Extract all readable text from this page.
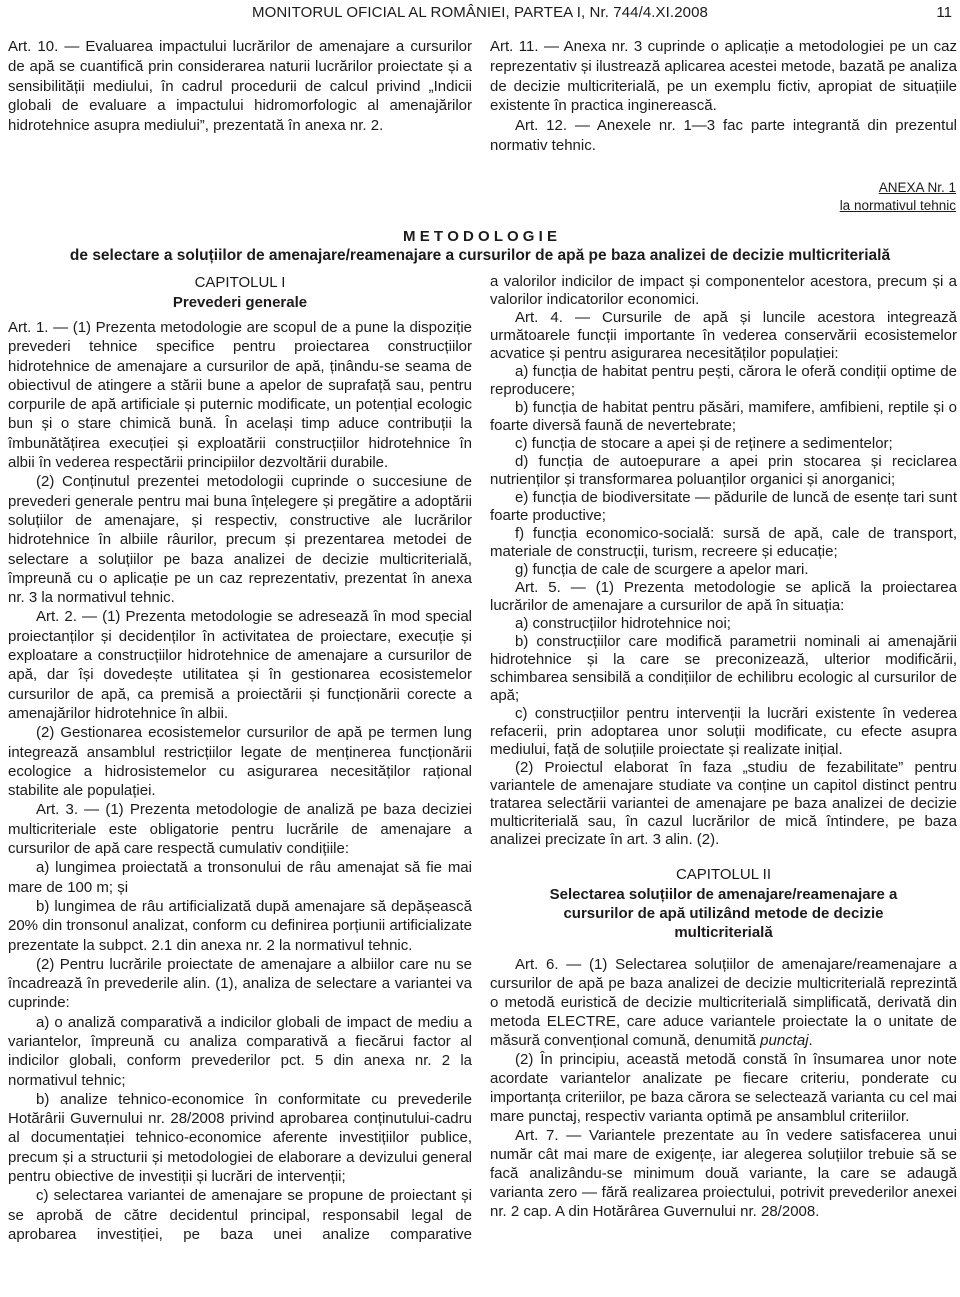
MONITORUL OFICIAL AL ROMÂNIEI, PARTEA I, Nr. 744/4.XI.2008	11

Art. 10. — Evaluarea impactului lucrărilor de amenajare a cursurilor de apă se cuantifică prin considerarea naturii lucrărilor proiectate și a sensibilității mediului, în cadrul procedurii de calcul privind „Indicii globali de evaluare a impactului hidromorfologic al amenajărilor hidrotehnice asupra mediului”, prezentată în anexa nr. 2.

Art. 11. — Anexa nr. 3 cuprinde o aplicație a metodologiei pe un caz reprezentativ și ilustrează aplicarea acestei metode, bazată pe analiza de decizie multicriterială, pe un exemplu fictiv, apropiat de situațiile existente în practica inginerească.

Art. 12. — Anexele nr. 1—3 fac parte integrantă din prezentul normativ tehnic.

ANEXA Nr. 1
la normativul tehnic
M E T O D O L O G I E
de selectare a soluțiilor de amenajare/reamenajare a cursurilor de apă pe baza analizei de decizie multicriterială
CAPITOLUL I
Prevederi generale

Art. 1. — (1) Prezenta metodologie are scopul de a pune la dispoziție prevederi tehnice specifice pentru proiectarea construcțiilor hidrotehnice de amenajare a cursurilor de apă, ținându-se seama de obiectivul de atingere a stării bune a apelor de suprafață sau, pentru corpurile de apă artificiale și puternic modificate, un potențial ecologic bun și o stare chimică bună. În același timp aduce contribuții la îmbunătățirea execuției și exploatării construcțiilor hidrotehnice în albii în vederea respectării principiilor dezvoltării durabile.

(2) Conținutul prezentei metodologii cuprinde o succesiune de prevederi generale pentru mai buna înțelegere și pregătire a adoptării soluțiilor de amenajare, și respectiv, constructive ale lucrărilor hidrotehnice în albiile râurilor, precum și prezentarea metodei de selectare a soluțiilor pe baza analizei de decizie multicriterială, împreună cu o aplicație pe un caz reprezentativ, prezentat în anexa nr. 3 la normativul tehnic.

Art. 2. — (1) Prezenta metodologie se adresează în mod special proiectanților și decidenților în activitatea de proiectare, execuție și exploatare a construcțiilor hidrotehnice de amenajare a cursurilor de apă, dar își dovedește utilitatea și în gestionarea ecosistemelor cursurilor de apă, ca premisă a proiectării și funcționării corecte a amenajărilor hidrotehnice în albii.

(2) Gestionarea ecosistemelor cursurilor de apă pe termen lung integrează ansamblul restricțiilor legate de menținerea funcționării ecologice a hidrosistemelor cu asigurarea necesităților rațional stabilite ale populației.

Art. 3. — (1) Prezenta metodologie de analiză pe baza deciziei multicriteriale este obligatorie pentru lucrările de amenajare a cursurilor de apă care respectă cumulativ condițiile:

a) lungimea proiectată a tronsonului de râu amenajat să fie mai mare de 100 m; și

b) lungimea de râu artificializată după amenajare să depășească 20% din tronsonul analizat, conform cu definirea porțiunii artificializate prezentate la subpct. 2.1 din anexa nr. 2 la normativul tehnic.

(2) Pentru lucrările proiectate de amenajare a albiilor care nu se încadrează în prevederile alin. (1), analiza de selectare a variantei va cuprinde:

a) o analiză comparativă a indicilor globali de impact de mediu a variantelor, împreună cu analiza comparativă a fiecărui factor al indicilor globali, conform prevederilor pct. 5 din anexa nr. 2 la normativul tehnic;

b) analize tehnico-economice în conformitate cu prevederile Hotărârii Guvernului nr. 28/2008 privind aprobarea conținutului-cadru al documentației tehnico-economice aferente investițiilor publice, precum și a structurii și metodologiei de elaborare a devizului general pentru obiective de investiții și lucrări de intervenții;

c) selectarea variantei de amenajare se propune de proiectant și se aprobă de către decidentul principal, responsabil legal de aprobarea investiției, pe baza unei analize comparative

a valorilor indicilor de impact și componentelor acestora, precum și a valorilor indicatorilor economici.

Art. 4. — Cursurile de apă și luncile acestora integrează următoarele funcții importante în vederea conservării ecosistemelor acvatice și pentru asigurarea necesităților populației:

a) funcția de habitat pentru pești, cărora le oferă condiții optime de reproducere;

b) funcția de habitat pentru păsări, mamifere, amfibieni, reptile și o foarte diversă faună de nevertebrate;

c) funcția de stocare a apei și de reținere a sedimentelor;

d) funcția de autoepurare a apei prin stocarea și reciclarea nutrienților și transformarea poluanților organici și anorganici;

e) funcția de biodiversitate — pădurile de luncă de esențe tari sunt foarte productive;

f) funcția economico-socială: sursă de apă, cale de transport, materiale de construcții, turism, recreere și educație;

g) funcția de cale de scurgere a apelor mari.

Art. 5. — (1) Prezenta metodologie se aplică la proiectarea lucrărilor de amenajare a cursurilor de apă în situația:

a) construcțiilor hidrotehnice noi;

b) construcțiilor care modifică parametrii nominali ai amenajării hidrotehnice și la care se preconizează, ulterior modificării, schimbarea sensibilă a condițiilor de echilibru ecologic al cursurilor de apă;

c) construcțiilor pentru intervenții la lucrări existente în vederea refacerii, prin adoptarea unor soluții modificate, cu efecte asupra mediului, față de soluțiile proiectate și realizate inițial.

(2) Proiectul elaborat în faza „studiu de fezabilitate” pentru variantele de amenajare studiate va conține un capitol distinct pentru tratarea selectării variantei de amenajare pe baza analizei de decizie multicriterială sau, în cazul lucrărilor de mică întindere, pe baza analizei precizate în art. 3 alin. (2).

CAPITOLUL II
Selectarea soluțiilor de amenajare/reamenajare a cursurilor de apă utilizând metode de decizie multicriterială

Art. 6. — (1) Selectarea soluțiilor de amenajare/reamenajare a cursurilor de apă pe baza analizei de decizie multicriterială reprezintă o metodă euristică de decizie multicriterială simplificată, derivată din metoda ELECTRE, care aduce variantele proiectate la o unitate de măsură convențional comună, denumită punctaj.

(2) În principiu, această metodă constă în însumarea unor note acordate variantelor analizate pe fiecare criteriu, ponderate cu importanța criteriilor, pe baza cărora se selectează varianta cu cel mai mare punctaj, respectiv varianta optimă pe ansamblul criteriilor.

Art. 7. — Variantele prezentate au în vedere satisfacerea unui număr cât mai mare de exigențe, iar alegerea soluțiilor trebuie să se facă analizându-se minimum două variante, la care se adaugă varianta zero — fără realizarea proiectului, potrivit prevederilor anexei nr. 2 cap. A din Hotărârea Guvernului nr. 28/2008.
